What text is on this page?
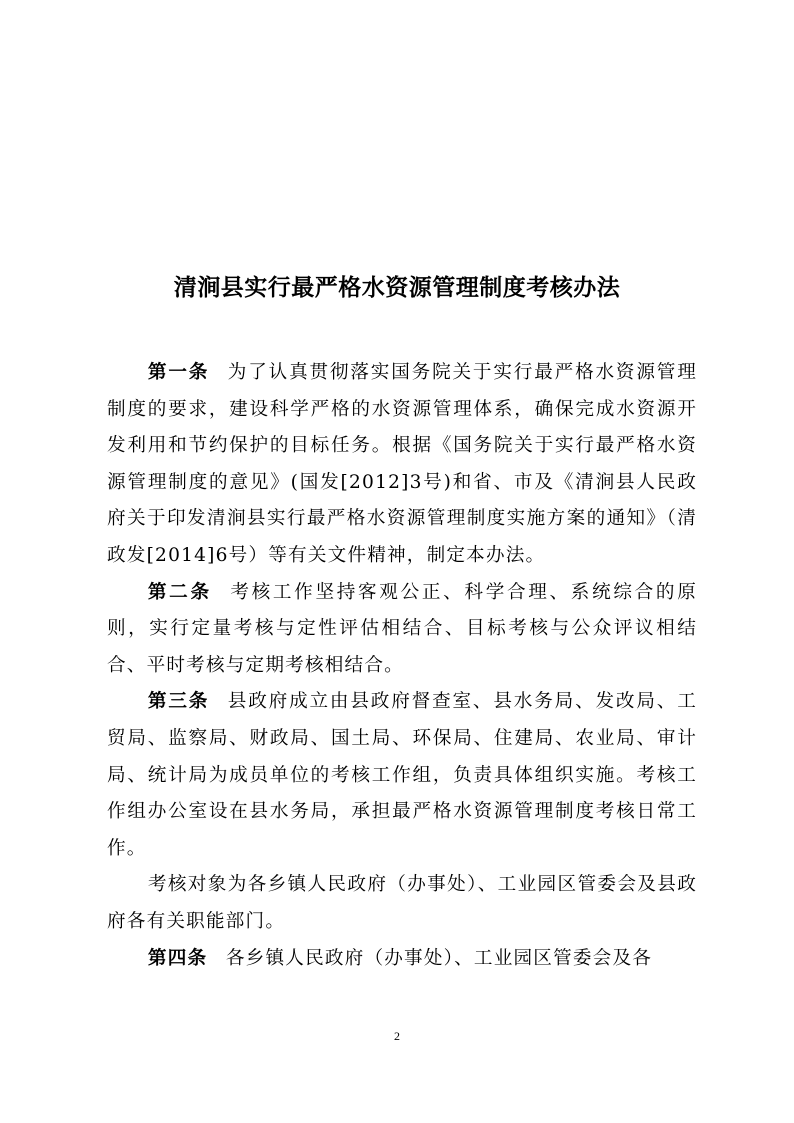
清涧县实行最严格水资源管理制度考核办法

第一条 为了认真贯彻落实国务院关于实行最严格水资源管理制度的要求，建设科学严格的水资源管理体系，确保完成水资源开发利用和节约保护的目标任务。根据《国务院关于实行最严格水资源管理制度的意见》(国发[2012]3号)和省、市及《清涧县人民政府关于印发清涧县实行最严格水资源管理制度实施方案的通知》（清政发[2014]6号）等有关文件精神，制定本办法。

第二条 考核工作坚持客观公正、科学合理、系统综合的原则，实行定量考核与定性评估相结合、目标考核与公众评议相结合、平时考核与定期考核相结合。

第三条 县政府成立由县政府督查室、县水务局、发改局、工贸局、监察局、财政局、国土局、环保局、住建局、农业局、审计局、统计局为成员单位的考核工作组，负责具体组织实施。考核工作组办公室设在县水务局，承担最严格水资源管理制度考核日常工作。

考核对象为各乡镇人民政府（办事处）、工业园区管委会及县政府各有关职能部门。

第四条 各乡镇人民政府（办事处）、工业园区管委会及各

2
